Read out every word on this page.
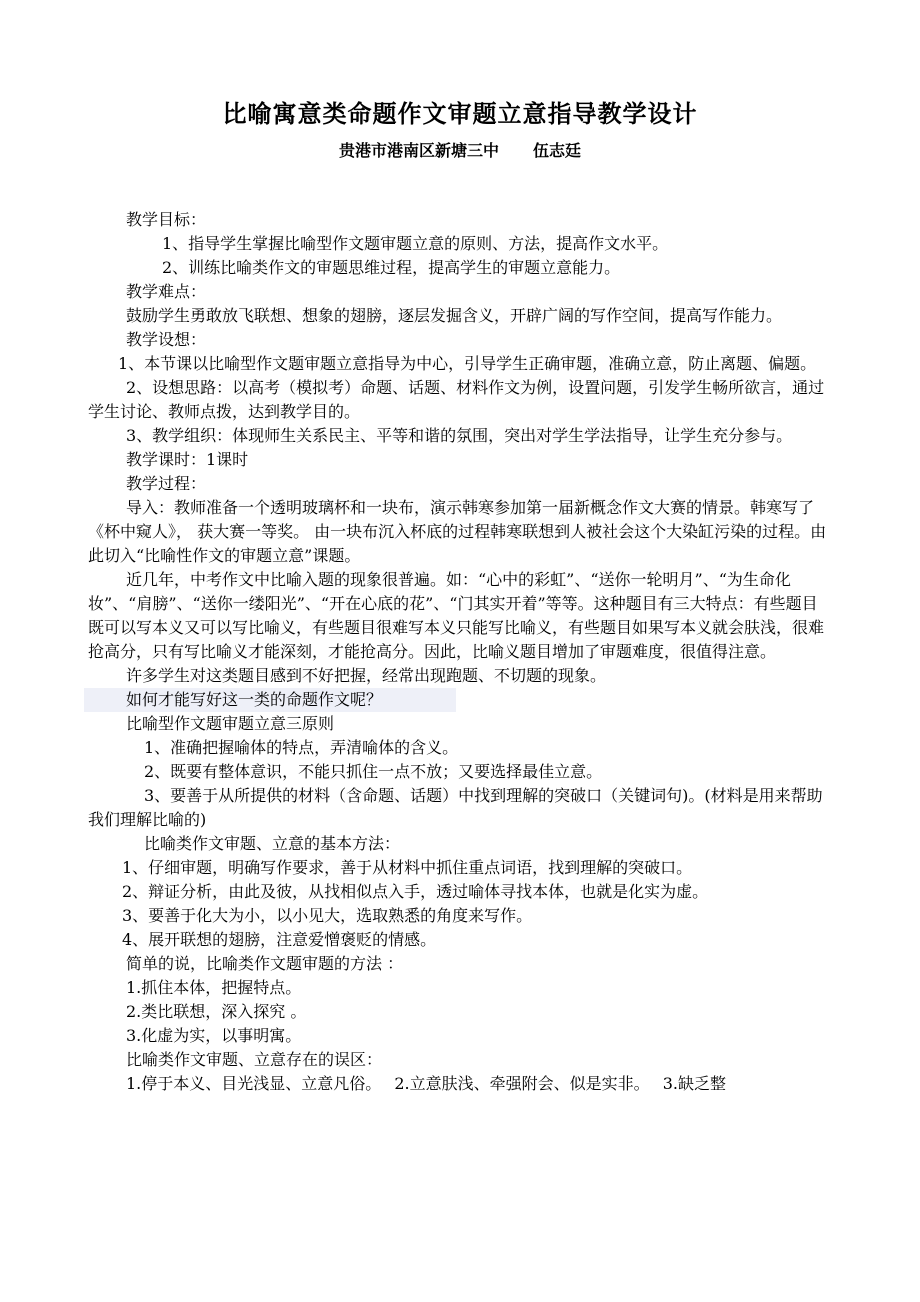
比喻寓意类命题作文审题立意指导教学设计
贵港市港南区新塘三中 伍志廷

教学目标：

1、指导学生掌握比喻型作文题审题立意的原则、方法，提高作文水平。

2、训练比喻类作文的审题思维过程，提高学生的审题立意能力。

教学难点：

鼓励学生勇敢放飞联想、想象的翅膀，逐层发掘含义，开辟广阔的写作空间，提高写作能力。

教学设想：

1、本节课以比喻型作文题审题立意指导为中心，引导学生正确审题，准确立意，防止离题、偏题。

2、设想思路：以高考（模拟考）命题、话题、材料作文为例，设置问题，引发学生畅所欲言，通过学生讨论、教师点拨，达到教学目的。

3、教学组织：体现师生关系民主、平等和谐的氛围，突出对学生学法指导，让学生充分参与。

教学课时：1课时

教学过程：

导入：教师准备一个透明玻璃杯和一块布，演示韩寒参加第一届新概念作文大赛的情景。韩寒写了《杯中窥人》， 获大赛一等奖。 由一块布沉入杯底的过程韩寒联想到人被社会这个大染缸污染的过程。由此切入“比喻性作文的审题立意”课题。

近几年，中考作文中比喻入题的现象很普遍。如：“心中的彩虹”、“送你一轮明月”、“为生命化妆”、“肩膀”、“送你一缕阳光”、“开在心底的花”、“门其实开着”等等。这种题目有三大特点：有些题目既可以写本义又可以写比喻义，有些题目很难写本义只能写比喻义，有些题目如果写本义就会肤浅，很难抢高分，只有写比喻义才能深刻，才能抢高分。因此，比喻义题目增加了审题难度，很值得注意。

许多学生对这类题目感到不好把握，经常出现跑题、不切题的现象。

如何才能写好这一类的命题作文呢？

比喻型作文题审题立意三原则

1、准确把握喻体的特点，弄清喻体的含义。

2、既要有整体意识，不能只抓住一点不放；又要选择最佳立意。

3、要善于从所提供的材料（含命题、话题）中找到理解的突破口（关键词句)。(材料是用来帮助我们理解比喻的)

比喻类作文审题、立意的基本方法：

1、仔细审题，明确写作要求，善于从材料中抓住重点词语，找到理解的突破口。

2、辩证分析，由此及彼，从找相似点入手，透过喻体寻找本体，也就是化实为虚。

3、要善于化大为小，以小见大，选取熟悉的角度来写作。

4、展开联想的翅膀，注意爱憎褒贬的情感。

简单的说，比喻类作文题审题的方法 ：

1.抓住本体，把握特点。

2.类比联想，深入探究 。

3.化虚为实，以事明寓。

比喻类作文审题、立意存在的误区：

1.停于本义、目光浅显、立意凡俗。　 2.立意肤浅、牵强附会、似是实非。　 3.缺乏整
